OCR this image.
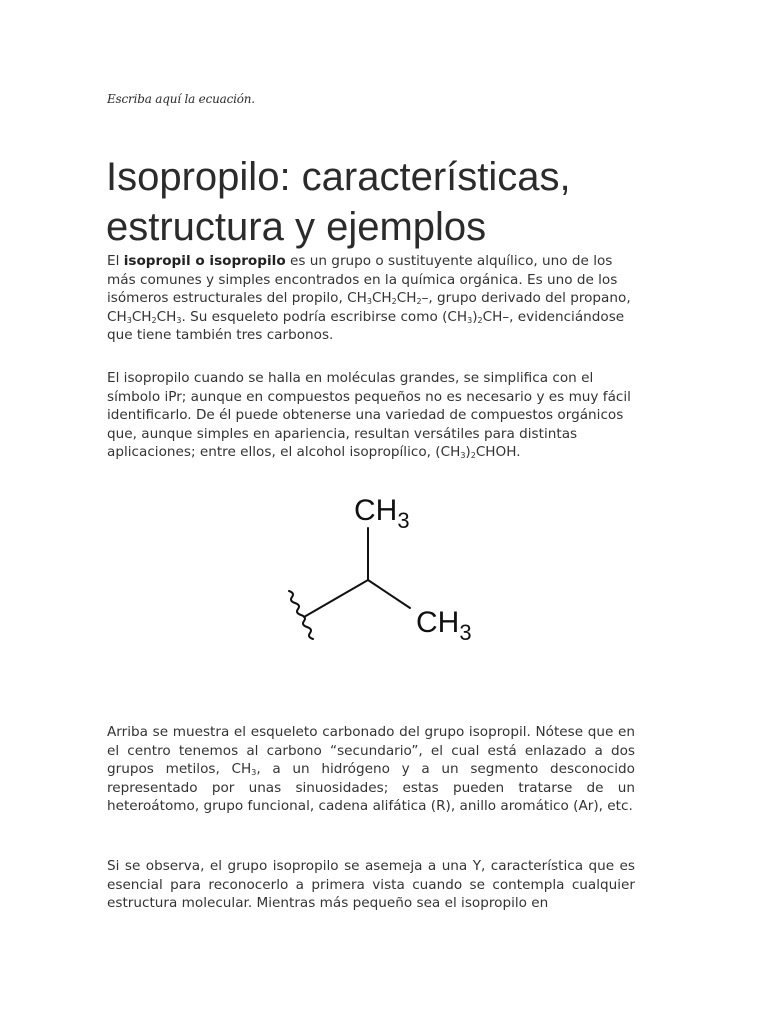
Escriba aquí la ecuación.
Isopropilo: características, estructura y ejemplos

El isopropil o isopropilo es un grupo o sustituyente alquílico, uno de los más comunes y simples encontrados en la química orgánica. Es uno de los isómeros estructurales del propilo, $CH_3CH_2CH_2-$, grupo derivado del propano, $CH_3CH_2CH_3$. Su esqueleto podría escribirse como $(CH_3)_2CH-$, evidenciándose que tiene también tres carbonos.

El isopropilo cuando se halla en moléculas grandes, se simplifica con el símbolo iPr; aunque en compuestos pequeños no es necesario y es muy fácil identificarlo. De él puede obtenerse una variedad de compuestos orgánicos que, aunque simples en apariencia, resultan versátiles para distintas aplicaciones; entre ellos, el alcohol isopropílico, $(CH_3)_2CHOH$.

$CH_3$
$CH_3$

Arriba se muestra el esqueleto carbonado del grupo isopropil. Nótese que en el centro tenemos al carbono “secundario”, el cual está enlazado a dos grupos metilos, $CH_3$, a un hidrógeno y a un segmento desconocido representado por unas sinuosidades; estas pueden tratarse de un heteroátomo, grupo funcional, cadena alifática (R), anillo aromático (Ar), etc.

Si se observa, el grupo isopropilo se asemeja a una Y, característica que es esencial para reconocerlo a primera vista cuando se contempla cualquier estructura molecular. Mientras más pequeño sea el isopropilo en
